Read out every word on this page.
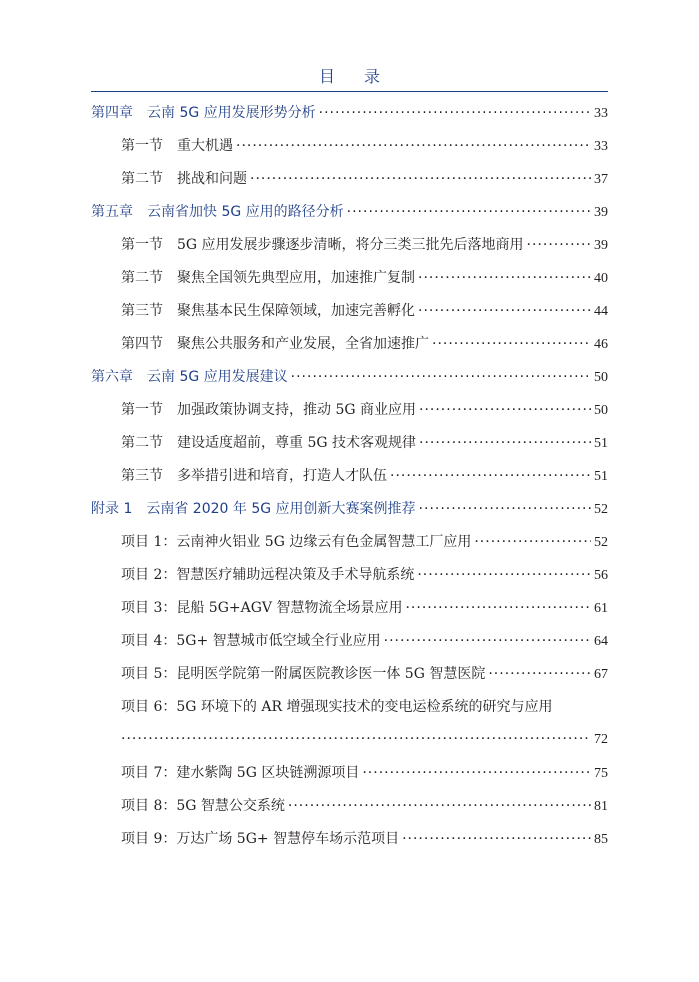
目 录
第四章　云南 5G 应用发展形势分析 ·····	33
第一节　重大机遇 ·····	33
第二节　挑战和问题 ·····	37
第五章　云南省加快 5G 应用的路径分析 ·····	39
第一节　5G 应用发展步骤逐步清晰，将分三类三批先后落地商用 ·····	39
第二节　聚焦全国领先典型应用，加速推广复制 ·····	40
第三节　聚焦基本民生保障领域，加速完善孵化 ·····	44
第四节　聚焦公共服务和产业发展，全省加速推广 ·····	46
第六章　云南 5G 应用发展建议 ·····	50
第一节　加强政策协调支持，推动 5G 商业应用 ·····	50
第二节　建设适度超前，尊重 5G 技术客观规律 ·····	51
第三节　多举措引进和培育，打造人才队伍 ·····	51
附录 1　云南省 2020 年 5G 应用创新大赛案例推荐 ·····	52
项目 1：云南神火铝业 5G 边缘云有色金属智慧工厂应用 ·····	52
项目 2：智慧医疗辅助远程决策及手术导航系统 ·····	56
项目 3：昆船 5G+AGV 智慧物流全场景应用 ·····	61
项目 4：5G+ 智慧城市低空域全行业应用 ·····	64
项目 5：昆明医学院第一附属医院教诊医一体 5G 智慧医院 ·····	67
项目 6：5G 环境下的 AR 增强现实技术的变电运检系统的研究与应用
·····
72
项目 7：建水紫陶 5G 区块链溯源项目 ·····	75
项目 8：5G 智慧公交系统 ·····	81
项目 9：万达广场 5G+ 智慧停车场示范项目 ·····	85
